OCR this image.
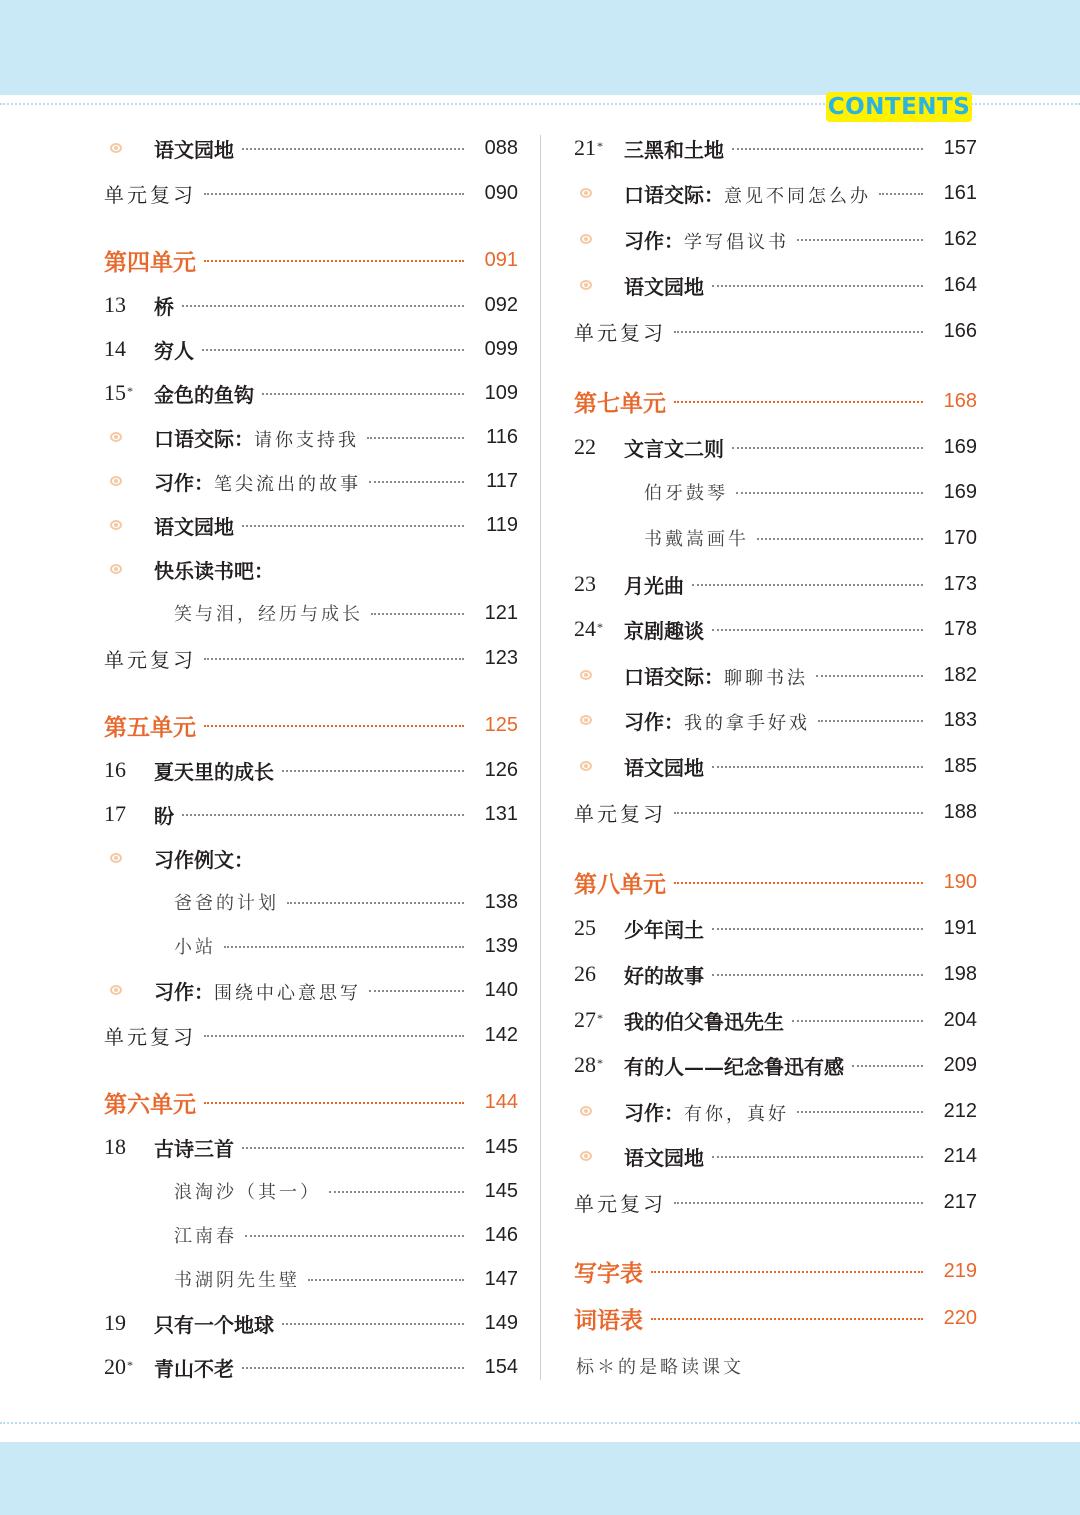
CONTENTS
语文园地	088
单元复习	090
第四单元	091
13	桥	092
14	穷人	099
15 * 金色的鱼钩	109
口语交际：请你支持我	116
习作：笔尖流出的故事	117
语文园地	119
快乐读书吧：
笑与泪，经历与成长	121
单元复习	123
第五单元	125
16	夏天里的成长	126
17	盼	131
习作例文：
爸爸的计划	138
小站	139
习作：围绕中心意思写	140
单元复习	142
第六单元	144
18	古诗三首	145
浪淘沙（其一）	145
江南春	146
书湖阴先生壁	147
19	只有一个地球	149
20 * 青山不老	154
21 * 三黑和土地	157
口语交际：意见不同怎么办	161
习作：学写倡议书	162
语文园地	164
单元复习	166
第七单元	168
22	文言文二则	169
伯牙鼓琴	169
书戴嵩画牛	170
23	月光曲	173
24 * 京剧趣谈	178
口语交际：聊聊书法	182
习作：我的拿手好戏	183
语文园地	185
单元复习	188
第八单元	190
25	少年闰土	191
26	好的故事	198
27 * 我的伯父鲁迅先生	204
28 * 有的人——纪念鲁迅有感	209
习作：有你，真好	212
语文园地	214
单元复习	217
写字表	219
词语表	220
标＊的是略读课文
